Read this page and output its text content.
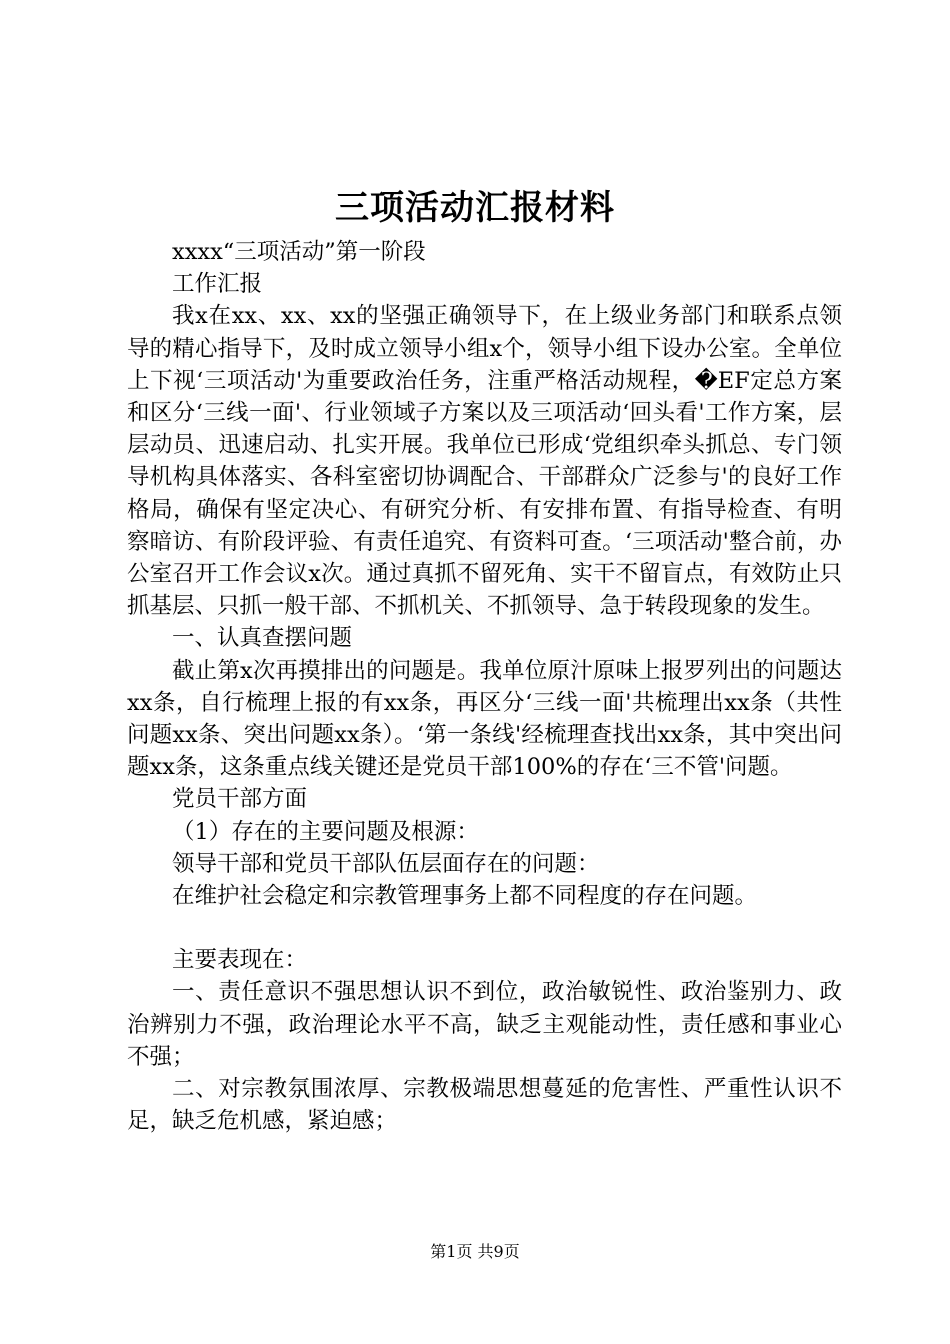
三项活动汇报材料

xxxx“三项活动”第一阶段

工作汇报

我x在xx、xx、xx的坚强正确领导下，在上级业务部门和联系点领导的精心指导下，及时成立领导小组x个，领导小组下设办公室。全单位上下视‘三项活动'为重要政治任务，注重严格活动规程，�EF定总方案和区分‘三线一面'、行业领域子方案以及三项活动‘回头看'工作方案，层层动员、迅速启动、扎实开展。我单位已形成‘党组织牵头抓总、专门领导机构具体落实、各科室密切协调配合、干部群众广泛参与'的良好工作格局，确保有坚定决心、有研究分析、有安排布置、有指导检查、有明察暗访、有阶段评验、有责任追究、有资料可查。‘三项活动'整合前，办公室召开工作会议x次。通过真抓不留死角、实干不留盲点，有效防止只抓基层、只抓一般干部、不抓机关、不抓领导、急于转段现象的发生。

一、认真查摆问题

截止第x次再摸排出的问题是。我单位原汁原味上报罗列出的问题达xx条，自行梳理上报的有xx条，再区分‘三线一面'共梳理出xx条（共性问题xx条、突出问题xx条）。‘第一条线'经梳理查找出xx条，其中突出问题xx条，这条重点线关键还是党员干部100%的存在‘三不管'问题。

党员干部方面

（1）存在的主要问题及根源：

领导干部和党员干部队伍层面存在的问题：

在维护社会稳定和宗教管理事务上都不同程度的存在问题。

主要表现在：

一、责任意识不强思想认识不到位，政治敏锐性、政治鉴别力、政治辨别力不强，政治理论水平不高，缺乏主观能动性，责任感和事业心不强；

二、对宗教氛围浓厚、宗教极端思想蔓延的危害性、严重性认识不足，缺乏危机感，紧迫感；

第1页 共9页
